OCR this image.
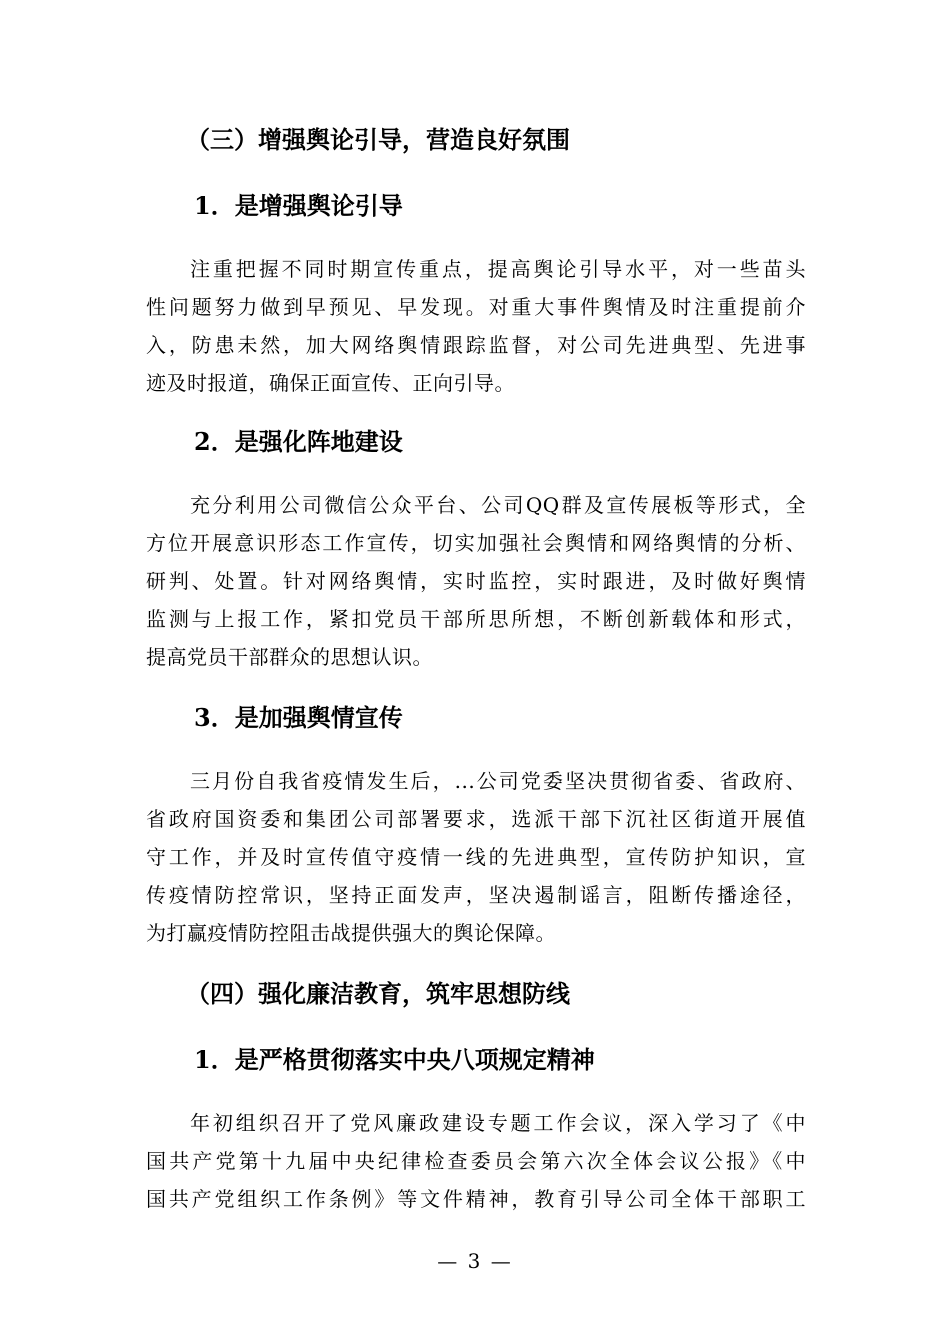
（三）增强舆论引导，营造良好氛围
1．是增强舆论引导
注重把握不同时期宣传重点，提高舆论引导水平，对一些苗头
性问题努力做到早预见、早发现。对重大事件舆情及时注重提前介
入，防患未然，加大网络舆情跟踪监督，对公司先进典型、先进事
迹及时报道，确保正面宣传、正向引导。
2．是强化阵地建设
充分利用公司微信公众平台、公司QQ群及宣传展板等形式，全
方位开展意识形态工作宣传，切实加强社会舆情和网络舆情的分析、
研判、处置。针对网络舆情，实时监控，实时跟进，及时做好舆情
监测与上报工作，紧扣党员干部所思所想，不断创新载体和形式，
提高党员干部群众的思想认识。
3．是加强舆情宣传
三月份自我省疫情发生后，...公司党委坚决贯彻省委、省政府、
省政府国资委和集团公司部署要求，选派干部下沉社区街道开展值
守工作，并及时宣传值守疫情一线的先进典型，宣传防护知识，宣
传疫情防控常识，坚持正面发声，坚决遏制谣言，阻断传播途径，
为打赢疫情防控阻击战提供强大的舆论保障。
（四）强化廉洁教育，筑牢思想防线
1．是严格贯彻落实中央八项规定精神
年初组织召开了党风廉政建设专题工作会议，深入学习了《中
国共产党第十九届中央纪律检查委员会第六次全体会议公报》《中
国共产党组织工作条例》等文件精神，教育引导公司全体干部职工
— 3 —
